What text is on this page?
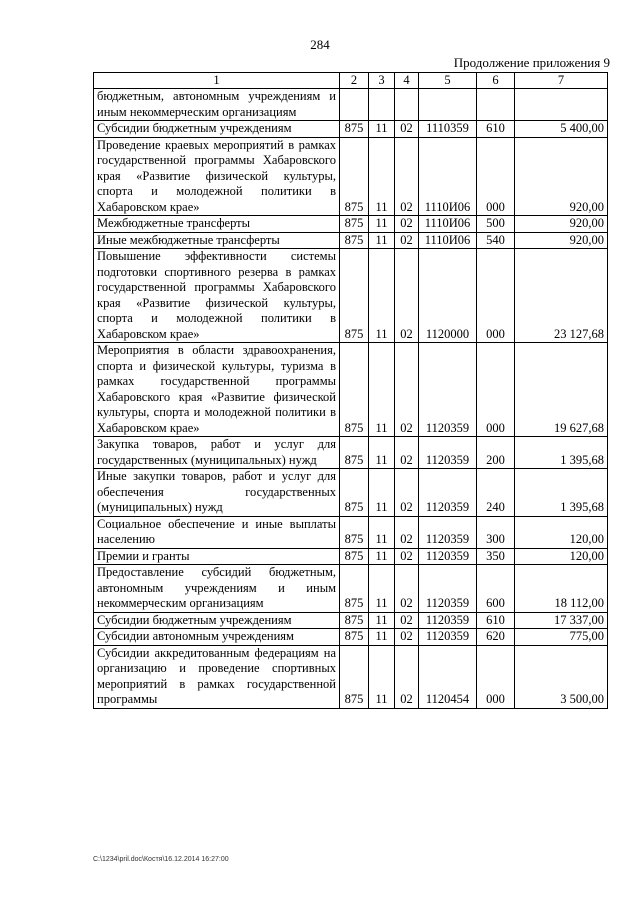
284
Продолжение приложения 9
1	2	3	4	5	6	7
бюджетным, автономным учреждениям и иным некоммерческим организациям						
Субсидии бюджетным учреждениям	875	11	02	1110359	610	5 400,00
Проведение краевых мероприятий в рамках государственной программы Хабаровского края «Развитие физической культуры, спорта и молодежной политики в Хабаровском крае»	875	11	02	1110И06	000	920,00
Межбюджетные трансферты	875	11	02	1110И06	500	920,00
Иные межбюджетные трансферты	875	11	02	1110И06	540	920,00
Повышение эффективности системы подготовки спортивного резерва в рамках государственной программы Хабаровского края «Развитие физической культуры, спорта и молодежной политики в Хабаровском крае»	875	11	02	1120000	000	23 127,68
Мероприятия в области здравоохранения, спорта и физической культуры, туризма в рамках государственной программы Хабаровского края «Развитие физической культуры, спорта и молодежной политики в Хабаровском крае»	875	11	02	1120359	000	19 627,68
Закупка товаров, работ и услуг для государственных (муниципальных) нужд	875	11	02	1120359	200	1 395,68
Иные закупки товаров, работ и услуг для обеспечения государственных (муниципальных) нужд	875	11	02	1120359	240	1 395,68
Социальное обеспечение и иные выплаты населению	875	11	02	1120359	300	120,00
Премии и гранты	875	11	02	1120359	350	120,00
Предоставление субсидий бюджетным, автономным учреждениям и иным некоммерческим организациям	875	11	02	1120359	600	18 112,00
Субсидии бюджетным учреждениям	875	11	02	1120359	610	17 337,00
Субсидии автономным учреждениям	875	11	02	1120359	620	775,00
Субсидии аккредитованным федерациям на организацию и проведение спортивных мероприятий в рамках государственной программы	875	11	02	1120454	000	3 500,00
C:\1234\pril.doc\Костя\16.12.2014 16:27:00
